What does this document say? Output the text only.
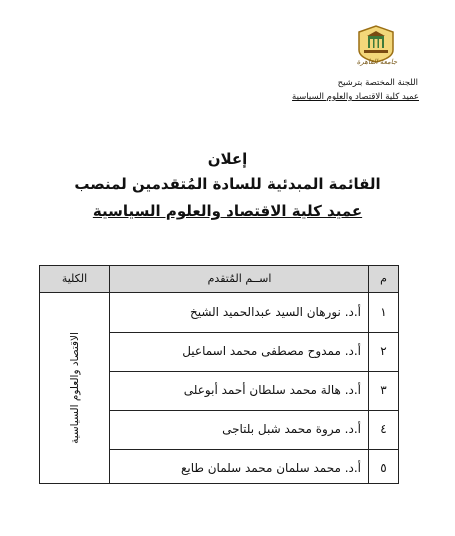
جامعة القاهرة
اللجنة المختصة بترشيح
عميد كلية الاقتصاد والعلوم السياسية
إعلان
القائمة المبدئية للسادة المُتقدمين لمنصب
عميد كلية الاقتصاد والعلوم السياسية
م
اســم المُتقدم
الكلية
الاقتصاد والعلوم السياسية
١
أ.د. نورهان السيد عبدالحميد الشيخ
٢
أ.د. ممدوح مصطفى محمد اسماعيل
٣
أ.د. هالة محمد سلطان أحمد أبوعلى
٤
أ.د. مروة محمد شبل بلتاجى
٥
أ.د. محمد سلمان محمد سلمان طايع
